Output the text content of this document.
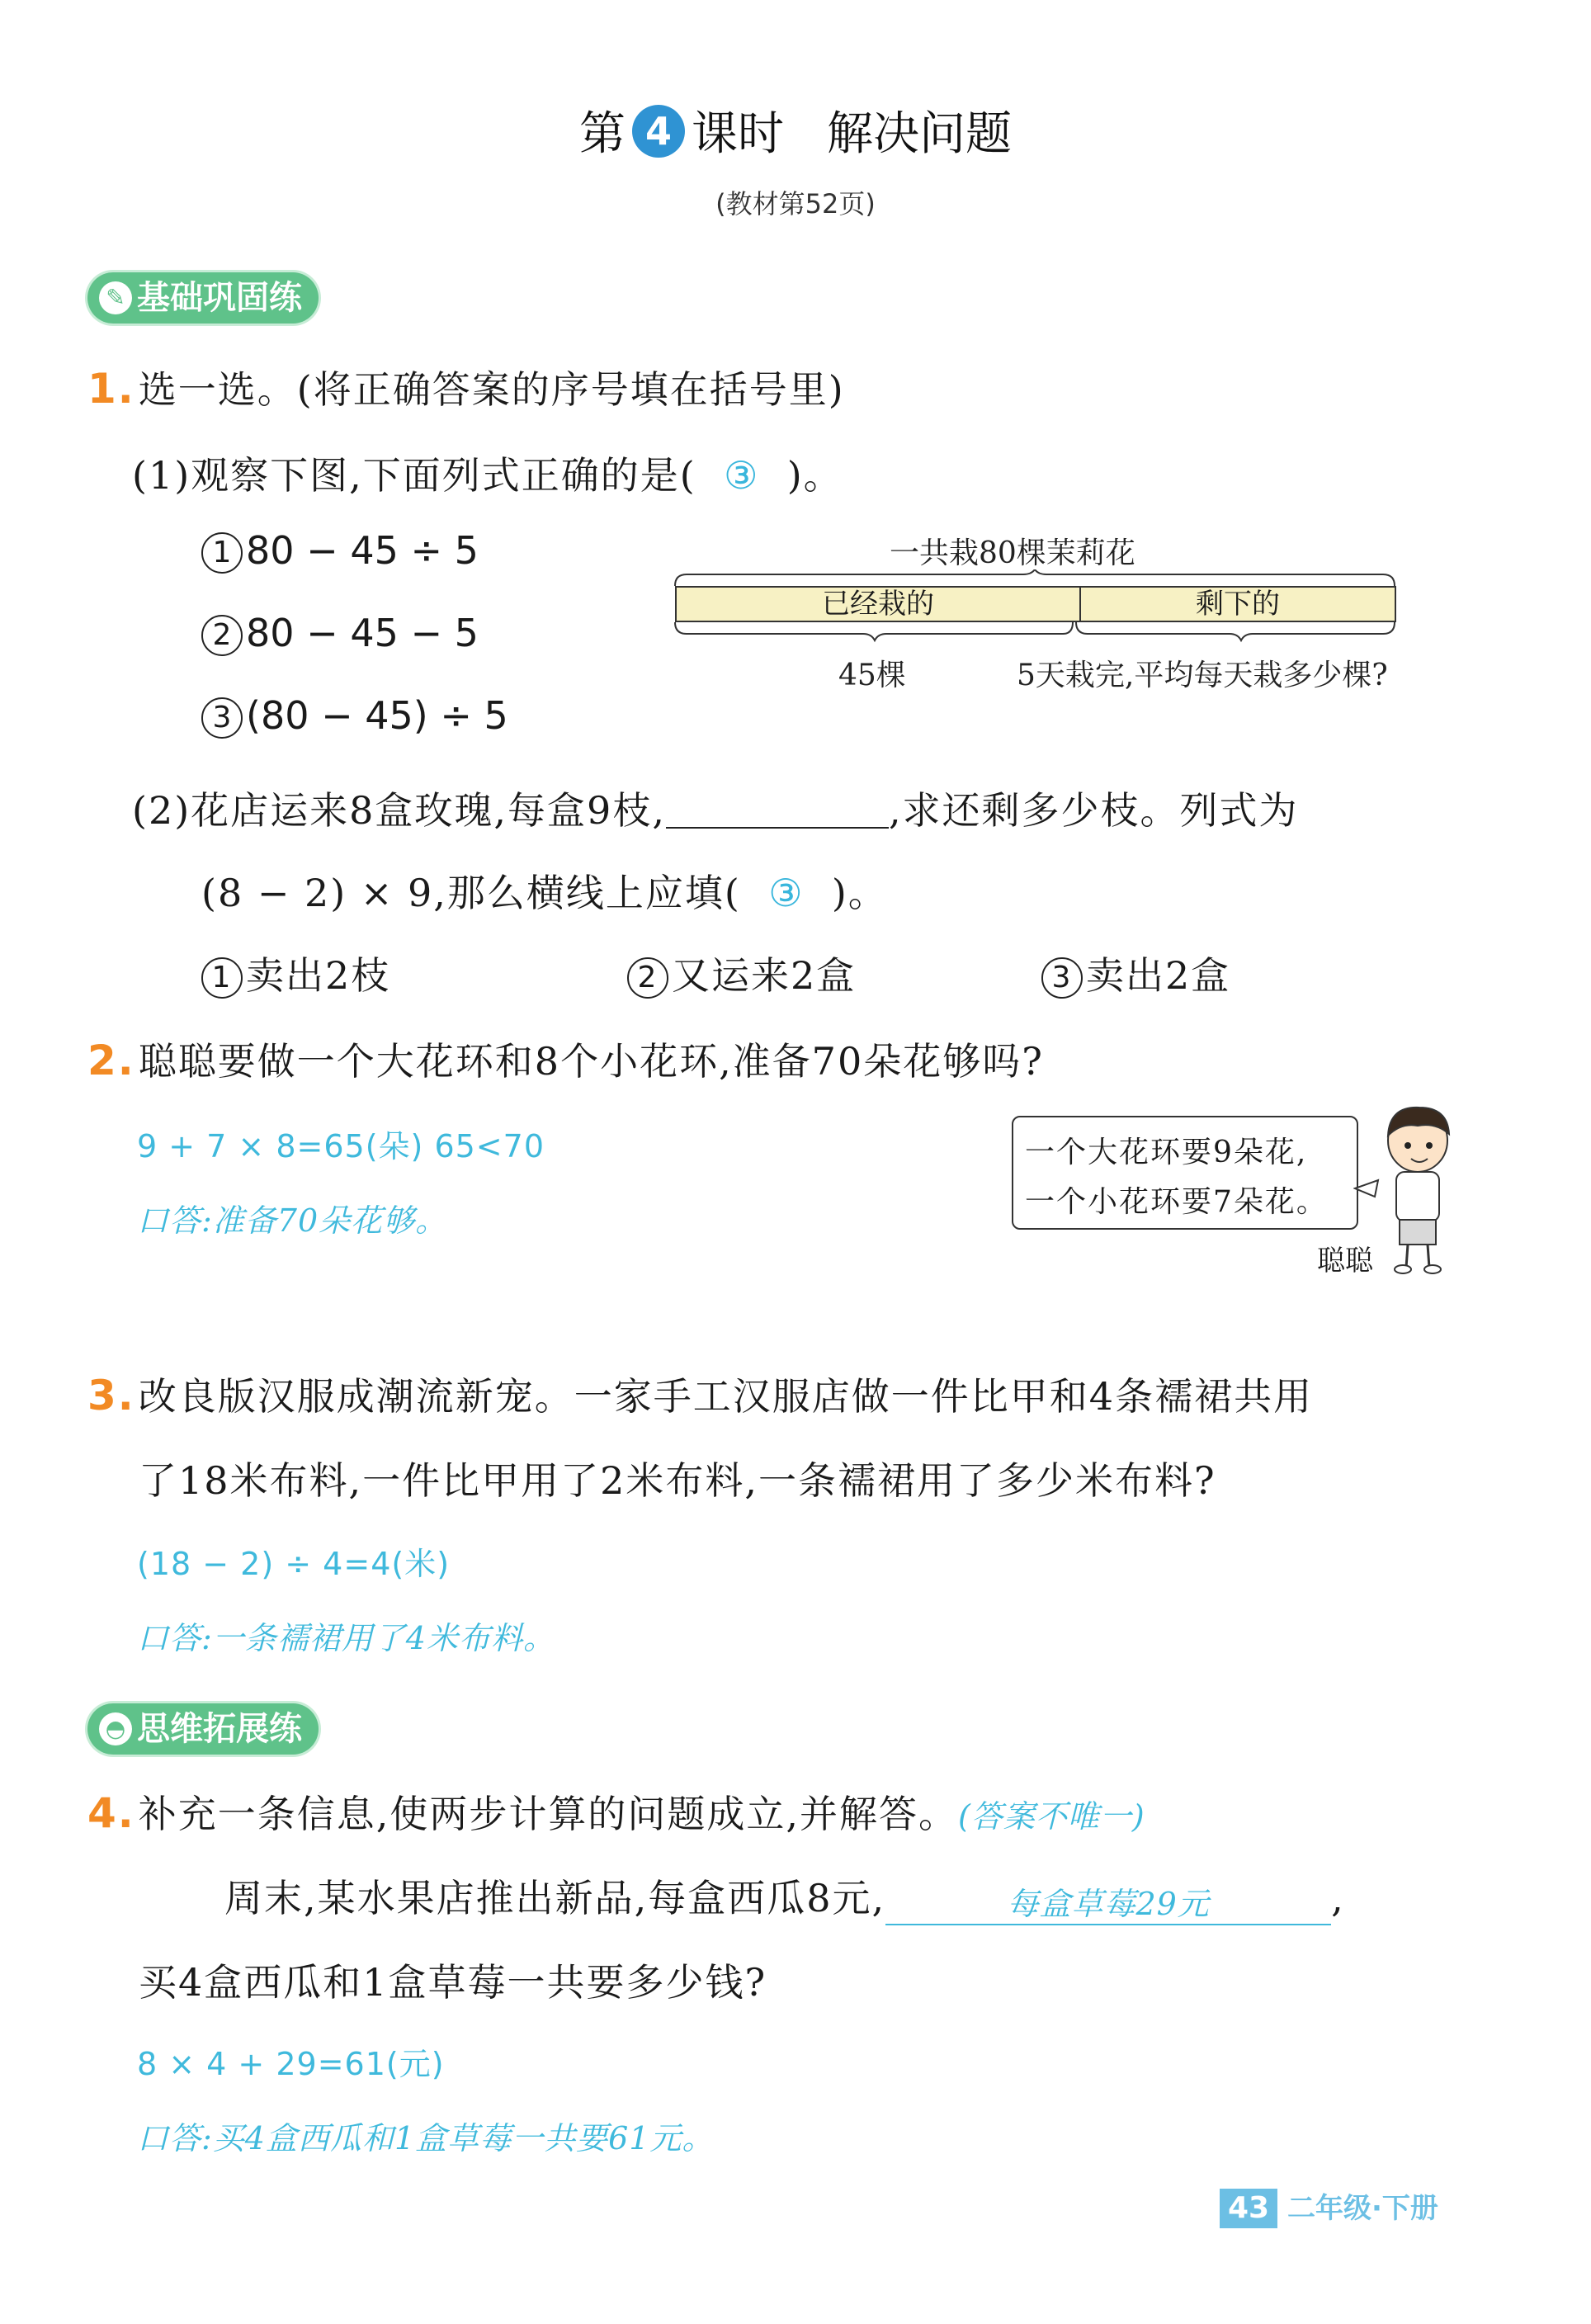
第 4 课时 解决问题
(教材第52页)
✎ 基础巩固练
1.选一选。(将正确答案的序号填在括号里)
(1)观察下图,下面列式正确的是( ③ )。
1 80 − 45 ÷ 5
2 80 − 45 − 5
3 (80 − 45) ÷ 5
一共栽80棵茉莉花
已经栽的	剩下的
45棵	5天栽完,平均每天栽多少棵?
(2)花店运来8盒玫瑰,每盒9枝,	,求还剩多少枝。列式为
(8 − 2) × 9,那么横线上应填( ③ )。
1 卖出2枝	2 又运来2盒	3 卖出2盒
2.聪聪要做一个大花环和8个小花环,准备70朵花够吗?
9 + 7 × 8=65(朵) 65<70
口答:准备70朵花够。
一个大花环要9朵花,
一个小花环要7朵花。
聪聪
3.改良版汉服成潮流新宠。一家手工汉服店做一件比甲和4条襦裙共用
了18米布料,一件比甲用了2米布料,一条襦裙用了多少米布料?
(18 − 2) ÷ 4=4(米)
口答:一条襦裙用了4米布料。
◓ 思维拓展练
4.补充一条信息,使两步计算的问题成立,并解答。(答案不唯一)
周末,某水果店推出新品,每盒西瓜8元,	每盒草莓29元	,
买4盒西瓜和1盒草莓一共要多少钱?
8 × 4 + 29=61(元)
口答:买4盒西瓜和1盒草莓一共要61元。
43 二年级·下册
